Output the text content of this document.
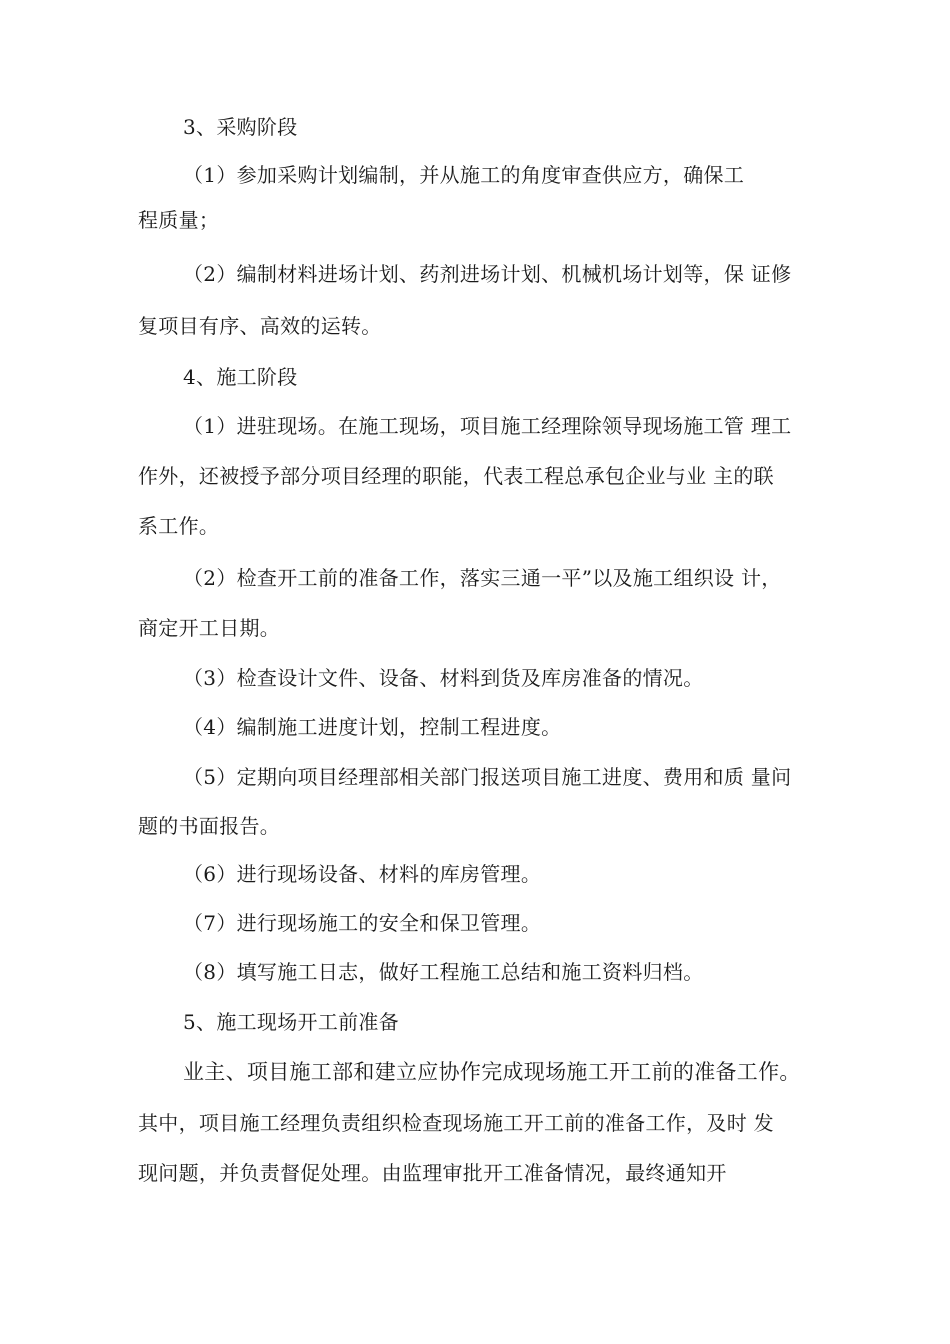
3、采购阶段
（1）参加采购计划编制，并从施工的角度审查供应方，确保工
程质量；
（2）编制材料进场计划、药剂进场计划、机械机场计划等，保 证修
复项目有序、高效的运转。
4、施工阶段
（1）进驻现场。在施工现场，项目施工经理除领导现场施工管 理工
作外，还被授予部分项目经理的职能，代表工程总承包企业与业 主的联
系工作。
（2）检查开工前的准备工作，落实三通一平”以及施工组织设 计，
商定开工日期。
（3）检查设计文件、设备、材料到货及库房准备的情况。
（4）编制施工进度计划，控制工程进度。
（5）定期向项目经理部相关部门报送项目施工进度、费用和质 量问
题的书面报告。
（6）进行现场设备、材料的库房管理。
（7）进行现场施工的安全和保卫管理。
（8）填写施工日志，做好工程施工总结和施工资料归档。
5、施工现场开工前准备
业主、项目施工部和建立应协作完成现场施工开工前的准备工作。
其中，项目施工经理负责组织检查现场施工开工前的准备工作，及时 发
现问题，并负责督促处理。由监理审批开工准备情况，最终通知开
